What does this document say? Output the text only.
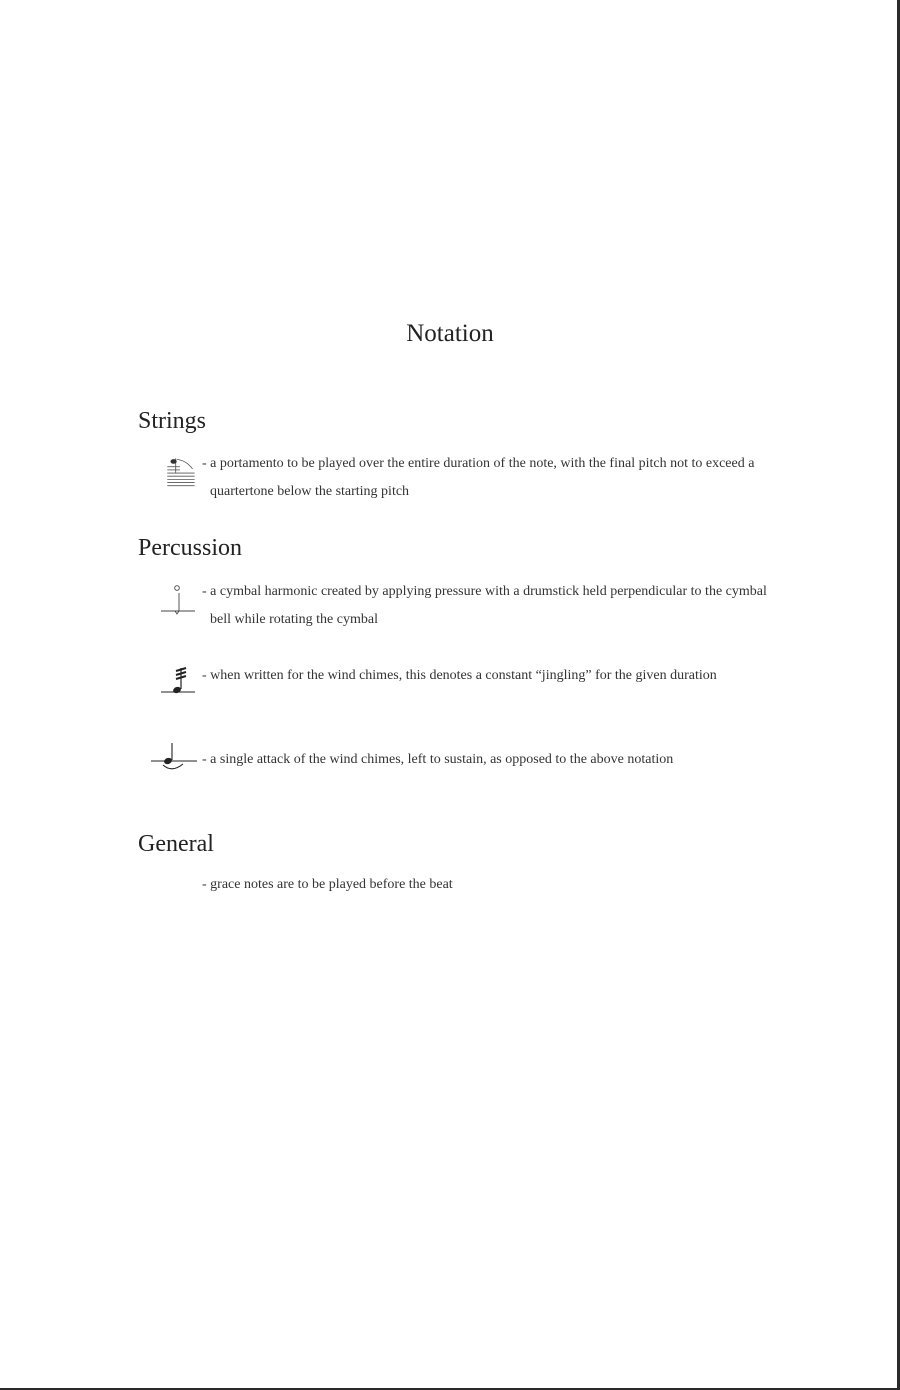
Notation
Strings
- a portamento to be played over the entire duration of the note, with the final pitch not to exceed a quartertone below the starting pitch
Percussion
- a cymbal harmonic created by applying pressure with a drumstick held perpendicular to the cymbal bell while rotating the cymbal
- when written for the wind chimes, this denotes a constant “jingling” for the given duration
- a single attack of the wind chimes, left to sustain, as opposed to the above notation
General
- grace notes are to be played before the beat
